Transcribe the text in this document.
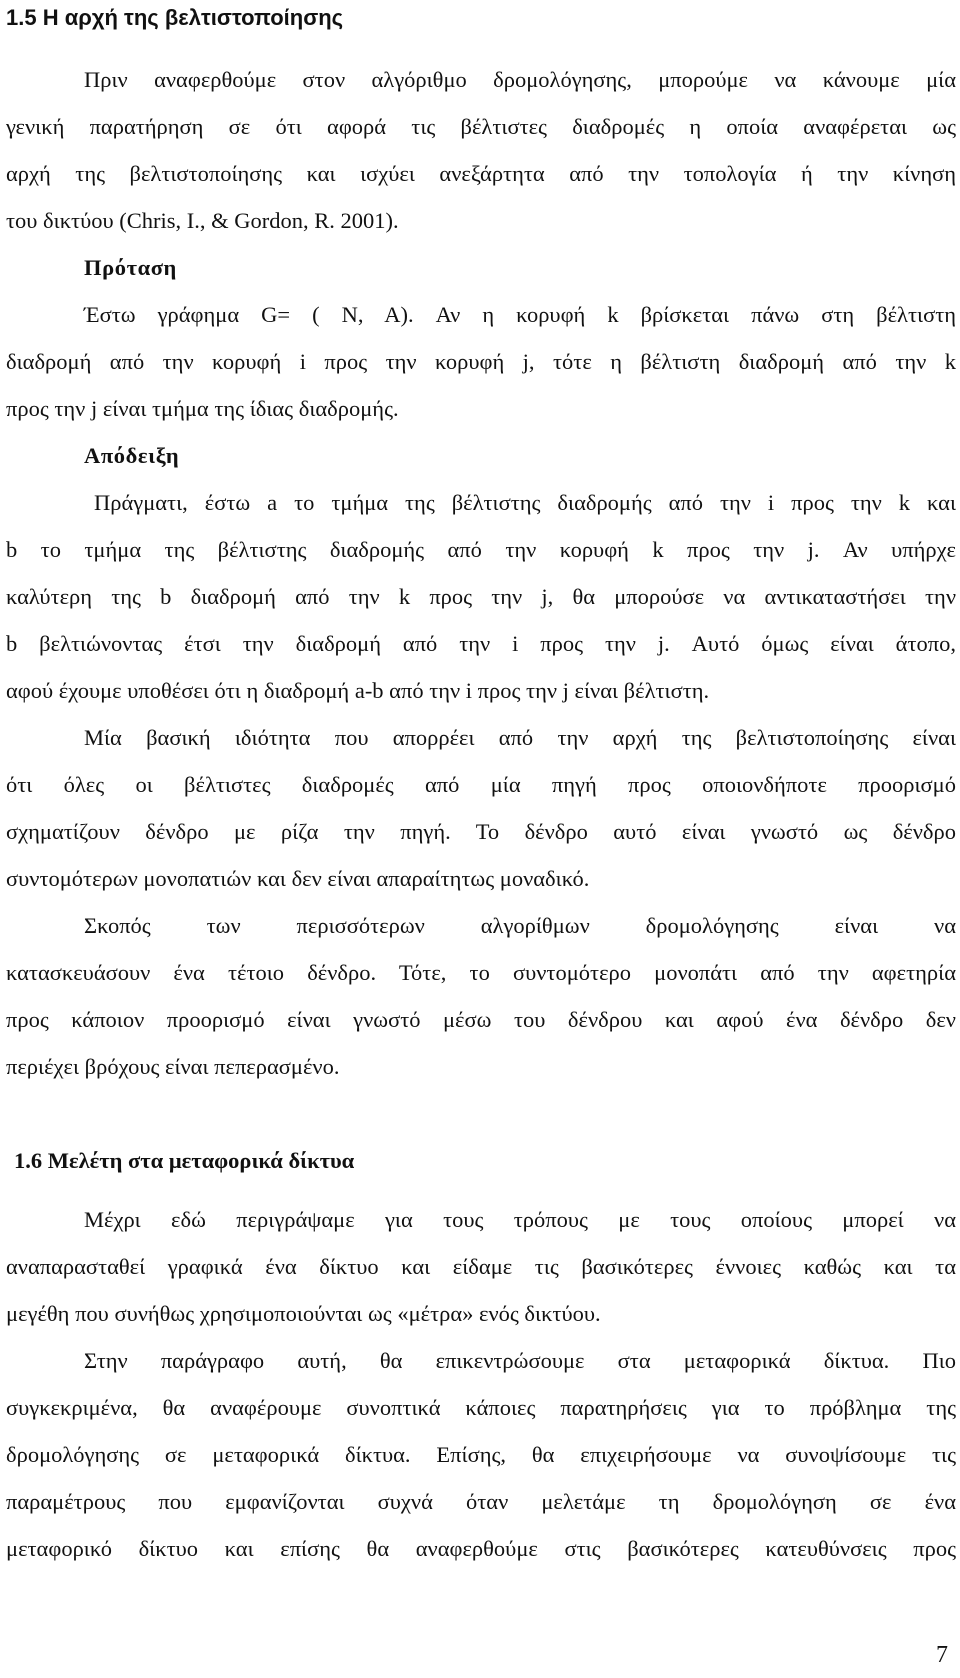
1.5 Η αρχή της βελτιστοποίησης

Πριν αναφερθούμε στον αλγόριθμο δρομολόγησης, μπορούμε να κάνουμε μία

γενική παρατήρηση σε ότι αφορά τις βέλτιστες διαδρομές η οποία αναφέρεται ως

αρχή της βελτιστοποίησης και ισχύει ανεξάρτητα από την τοπολογία ή την κίνηση

του δικτύου (Chris, I., & Gordon, R. 2001).

Πρόταση

Έστω γράφημα G= ( N, A). Αν η κορυφή k βρίσκεται πάνω στη βέλτιστη

διαδρομή από την κορυφή i προς την κορυφή j, τότε η βέλτιστη διαδρομή από την k

προς την j είναι τμήμα της ίδιας διαδρομής.

Απόδειξη

Πράγματι, έστω a το τμήμα της βέλτιστης διαδρομής από την i προς την k και

b το τμήμα της βέλτιστης διαδρομής από την κορυφή k προς την j. Αν υπήρχε

καλύτερη της b διαδρομή από την k προς την j, θα μπορούσε να αντικαταστήσει την

b βελτιώνοντας έτσι την διαδρομή από την i προς την j. Αυτό όμως είναι άτοπο,

αφού έχουμε υποθέσει ότι η διαδρομή a-b από την i προς την j είναι βέλτιστη.

Μία βασική ιδιότητα που απορρέει από την αρχή της βελτιστοποίησης είναι

ότι όλες οι βέλτιστες διαδρομές από μία πηγή προς οποιονδήποτε προορισμό

σχηματίζουν δένδρο με ρίζα την πηγή. Το δένδρο αυτό είναι γνωστό ως δένδρο

συντομότερων μονοπατιών και δεν είναι απαραίτητως μοναδικό.

Σκοπός των περισσότερων αλγορίθμων δρομολόγησης είναι να

κατασκευάσουν ένα τέτοιο δένδρο. Τότε, το συντομότερο μονοπάτι από την αφετηρία

προς κάποιον προορισμό είναι γνωστό μέσω του δένδρου και αφού ένα δένδρο δεν

περιέχει βρόχους είναι πεπερασμένο.

1.6 Μελέτη στα μεταφορικά δίκτυα

Μέχρι εδώ περιγράψαμε για τους τρόπους με τους οποίους μπορεί να

αναπαρασταθεί γραφικά ένα δίκτυο και είδαμε τις βασικότερες έννοιες καθώς και τα

μεγέθη που συνήθως χρησιμοποιούνται ως «μέτρα» ενός δικτύου.

Στην παράγραφο αυτή, θα επικεντρώσουμε στα μεταφορικά δίκτυα. Πιο

συγκεκριμένα, θα αναφέρουμε συνοπτικά κάποιες παρατηρήσεις για το πρόβλημα της

δρομολόγησης σε μεταφορικά δίκτυα. Επίσης, θα επιχειρήσουμε να συνοψίσουμε τις

παραμέτρους που εμφανίζονται συχνά όταν μελετάμε τη δρομολόγηση σε ένα

μεταφορικό δίκτυο και επίσης θα αναφερθούμε στις βασικότερες κατευθύνσεις προς

7
